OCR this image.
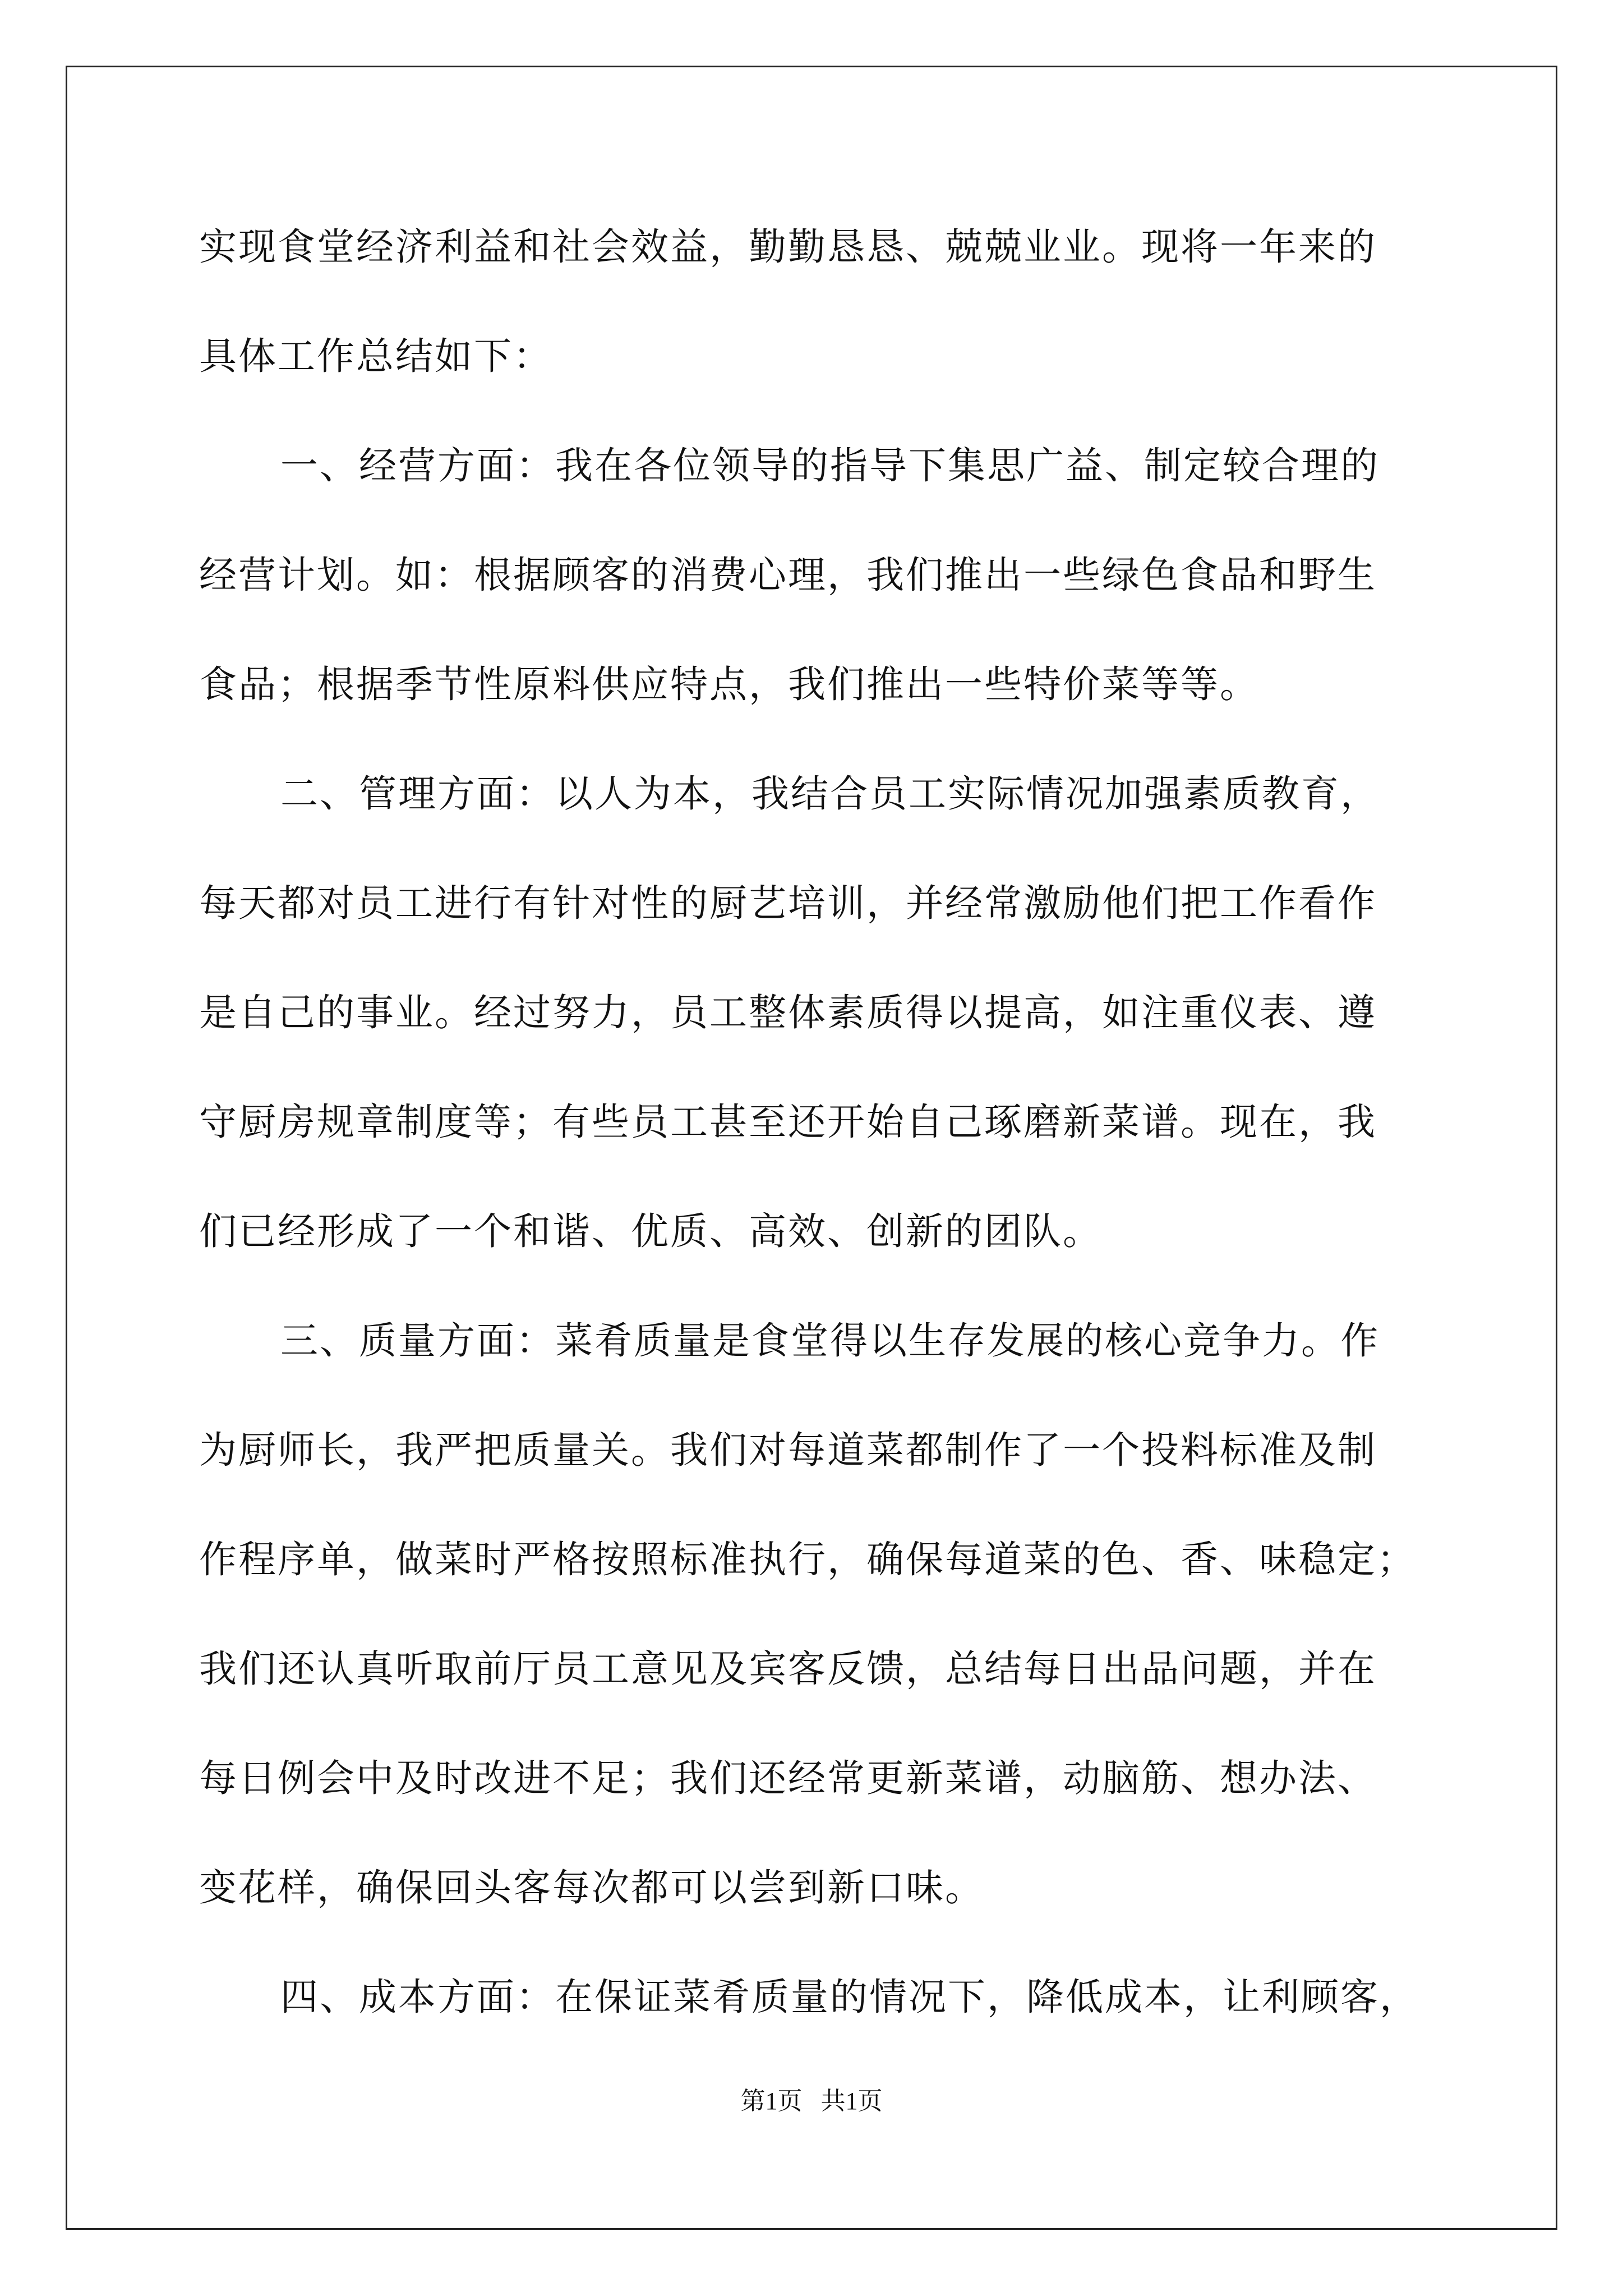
实现食堂经济利益和社会效益，勤勤恳恳、兢兢业业。现将一年来的

具体工作总结如下：

一、经营方面：我在各位领导的指导下集思广益、制定较合理的

经营计划。如：根据顾客的消费心理，我们推出一些绿色食品和野生

食品；根据季节性原料供应特点，我们推出一些特价菜等等。

二、管理方面：以人为本，我结合员工实际情况加强素质教育，

每天都对员工进行有针对性的厨艺培训，并经常激励他们把工作看作

是自己的事业。经过努力，员工整体素质得以提高，如注重仪表、遵

守厨房规章制度等；有些员工甚至还开始自己琢磨新菜谱。现在，我

们已经形成了一个和谐、优质、高效、创新的团队。

三、质量方面：菜肴质量是食堂得以生存发展的核心竞争力。作

为厨师长，我严把质量关。我们对每道菜都制作了一个投料标准及制

作程序单，做菜时严格按照标准执行，确保每道菜的色、香、味稳定；

我们还认真听取前厅员工意见及宾客反馈，总结每日出品问题，并在

每日例会中及时改进不足；我们还经常更新菜谱，动脑筋、想办法、

变花样，确保回头客每次都可以尝到新口味。

四、成本方面：在保证菜肴质量的情况下，降低成本，让利顾客，

第1页 共1页
